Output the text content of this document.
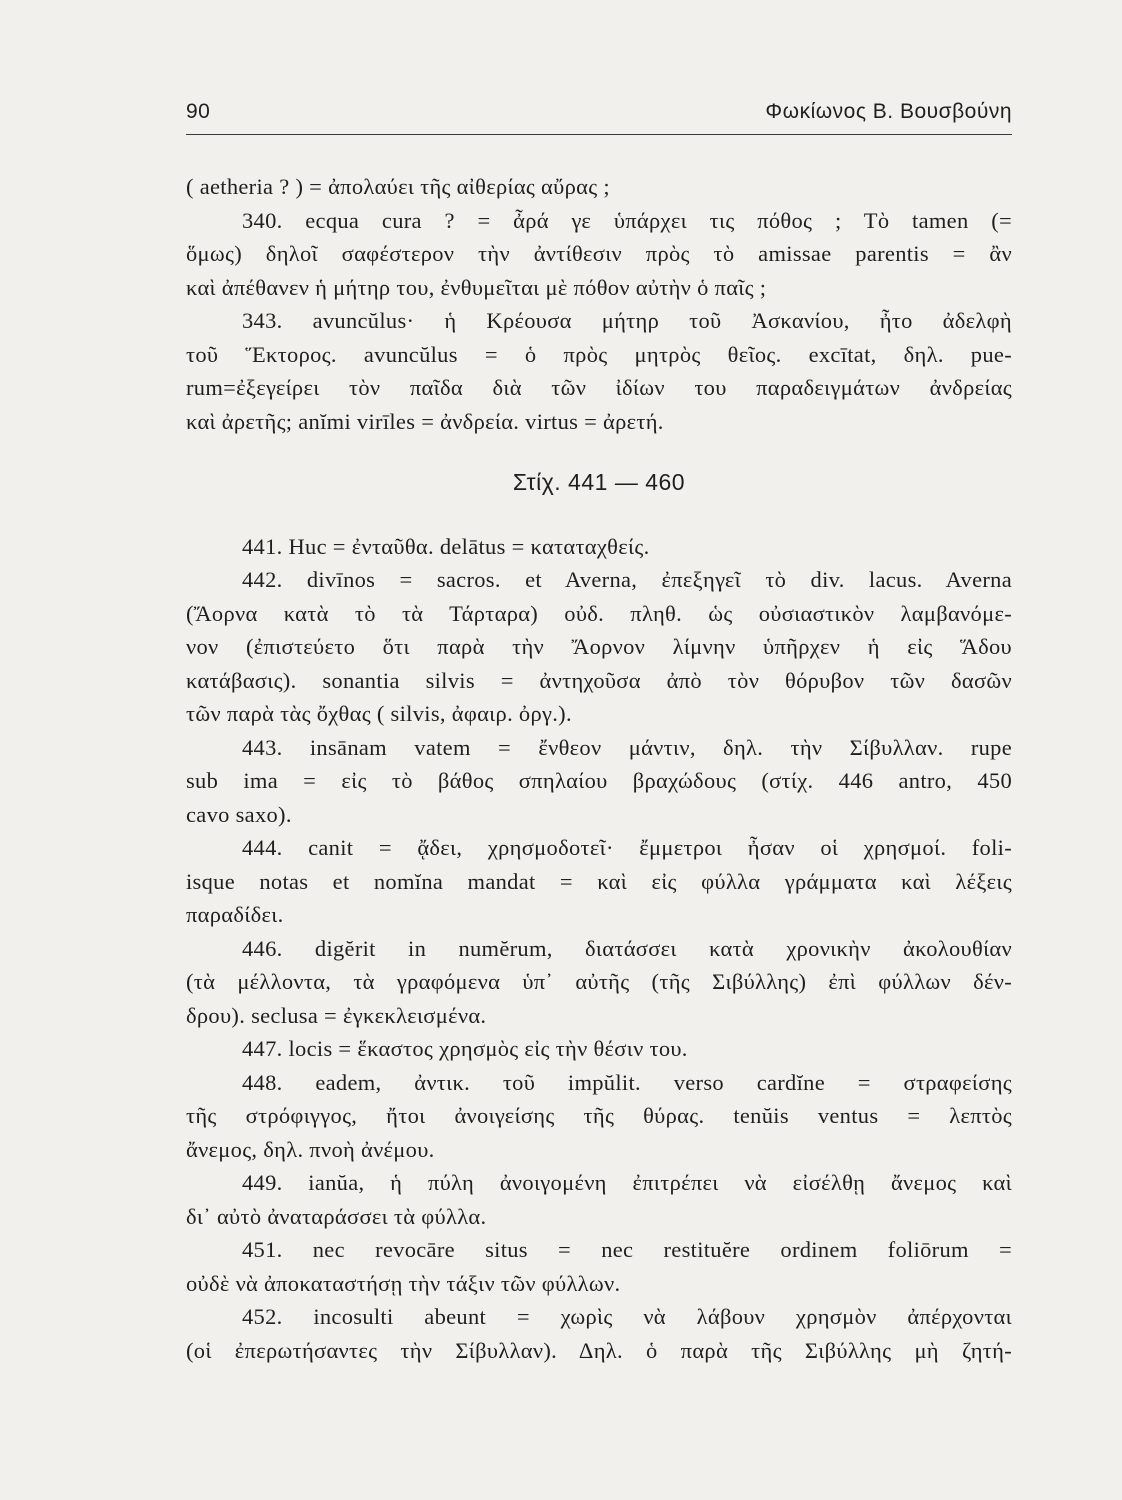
90	Φωκίωνος Β. Βουσβούνη
( aetheria ? ) = ἀπολαύει τῆς αἰθερίας αὔρας ;
340. ecqua cura ? = ἆρά γε ὑπάρχει τις πόθος ; Τὸ tamen (=
ὅμως) δηλοῖ σαφέστερον τὴν ἀντίθεσιν πρὸς τὸ amissae parentis = ἂν
καὶ ἀπέθανεν ἡ μήτηρ του, ἐνθυμεῖται μὲ πόθον αὐτὴν ὁ παῖς ;
343. avuncŭlus· ἡ Κρέουσα μήτηρ τοῦ Ἀσκανίου, ἦτο ἀδελφὴ
τοῦ Ἕκτορος. avuncŭlus = ὁ πρὸς μητρὸς θεῖος. excītat, δηλ. pue-
rum=ἐξεγείρει τὸν παῖδα διὰ τῶν ἰδίων του παραδειγμάτων ἀνδρείας
καὶ ἀρετῆς; anĭmi virīles = ἀνδρεία. virtus = ἀρετή.
Στίχ. 441 — 460
441. Huc = ἐνταῦθα. delātus = καταταχθείς.
442. divīnos = sacros. et Averna, ἐπεξηγεῖ τὸ div. lacus. Averna
(Ἄορνα κατὰ τὸ τὰ Τάρταρα) οὐδ. πληθ. ὡς οὐσιαστικὸν λαμβανόμε-
νον (ἐπιστεύετο ὅτι παρὰ τὴν Ἄορνον λίμνην ὑπῆρχεν ἡ εἰς Ἅδου
κατάβασις). sonantia silvis = ἀντηχοῦσα ἀπὸ τὸν θόρυβον τῶν δασῶν
τῶν παρὰ τὰς ὄχθας ( silvis, ἀφαιρ. ὀργ.).
443. insānam vatem = ἔνθεον μάντιν, δηλ. τὴν Σίβυλλαν. rupe
sub ima = εἰς τὸ βάθος σπηλαίου βραχώδους (στίχ. 446 antro, 450
cavo saxo).
444. canit = ᾄδει, χρησμοδοτεῖ· ἔμμετροι ἦσαν οἱ χρησμοί. foli-
isque notas et nomĭna mandat = καὶ εἰς φύλλα γράμματα καὶ λέξεις
παραδίδει.
446. digĕrit in numĕrum, διατάσσει κατὰ χρονικὴν ἀκολουθίαν
(τὰ μέλλοντα, τὰ γραφόμενα ὑπ᾿ αὐτῆς (τῆς Σιβύλλης) ἐπὶ φύλλων δέν-
δρου). seclusa = ἐγκεκλεισμένα.
447. locis = ἕκαστος χρησμὸς εἰς τὴν θέσιν του.
448. eadem, ἀντικ. τοῦ impŭlit. verso cardĭne = στραφείσης
τῆς στρόφιγγος, ἤτοι ἀνοιγείσης τῆς θύρας. tenŭis ventus = λεπτὸς
ἄνεμος, δηλ. πνοὴ ἀνέμου.
449. ianŭa, ἡ πύλη ἀνοιγομένη ἐπιτρέπει νὰ εἰσέλθῃ ἄνεμος καὶ
δι᾿ αὐτὸ ἀναταράσσει τὰ φύλλα.
451. nec revocāre situs = nec restituĕre ordinem foliōrum =
οὐδὲ νὰ ἀποκαταστήσῃ τὴν τάξιν τῶν φύλλων.
452. incosulti abeunt = χωρὶς νὰ λάβουν χρησμὸν ἀπέρχονται
(οἱ ἐπερωτήσαντες τὴν Σίβυλλαν). Δηλ. ὁ παρὰ τῆς Σιβύλλης μὴ ζητή-
